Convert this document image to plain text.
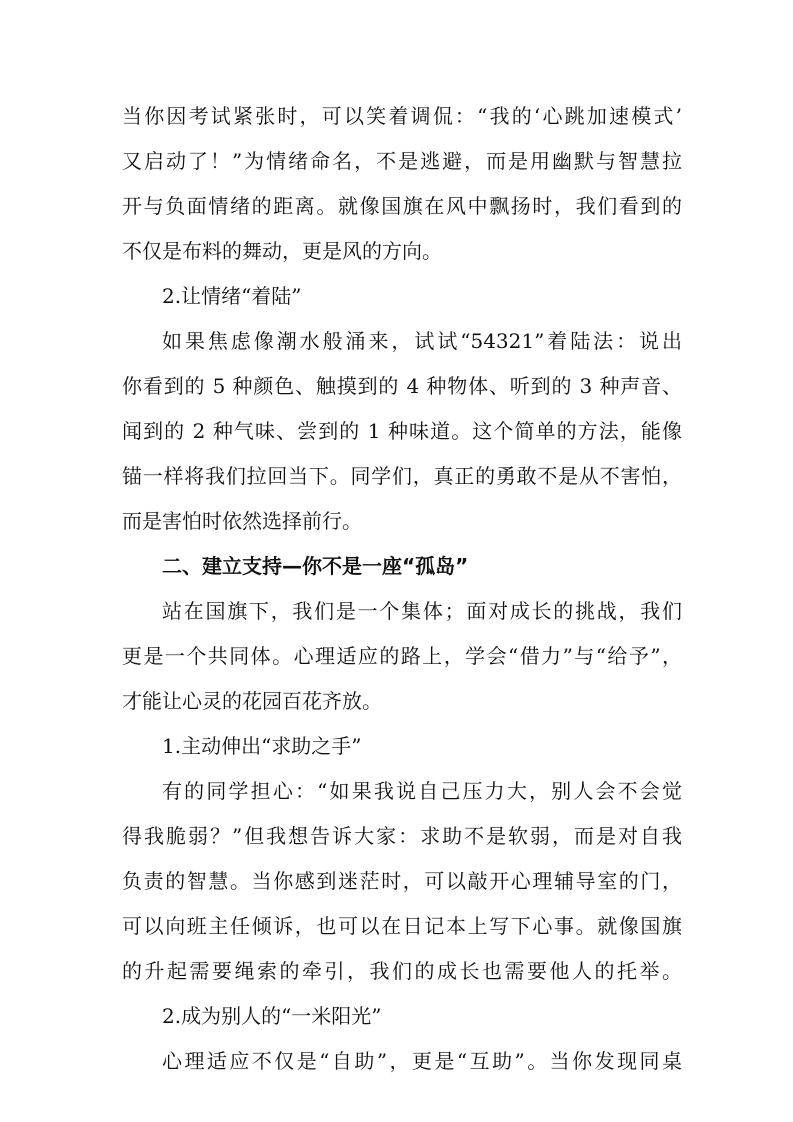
当你因考试紧张时，可以笑着调侃：“我的‘心跳加速模式’
又启动了！”为情绪命名，不是逃避，而是用幽默与智慧拉
开与负面情绪的距离。就像国旗在风中飘扬时，我们看到的
不仅是布料的舞动，更是风的方向。
2.让情绪“着陆”
如果焦虑像潮水般涌来，试试“54321”着陆法：说出
你看到的 5 种颜色、触摸到的 4 种物体、听到的 3 种声音、
闻到的 2 种气味、尝到的 1 种味道。这个简单的方法，能像
锚一样将我们拉回当下。同学们，真正的勇敢不是从不害怕，
而是害怕时依然选择前行。
二、建立支持—你不是一座“孤岛”
站在国旗下，我们是一个集体；面对成长的挑战，我们
更是一个共同体。心理适应的路上，学会“借力”与“给予”，
才能让心灵的花园百花齐放。
1.主动伸出“求助之手”
有的同学担心：“如果我说自己压力大，别人会不会觉
得我脆弱？”但我想告诉大家：求助不是软弱，而是对自我
负责的智慧。当你感到迷茫时，可以敲开心理辅导室的门，
可以向班主任倾诉，也可以在日记本上写下心事。就像国旗
的升起需要绳索的牵引，我们的成长也需要他人的托举。
2.成为别人的“一米阳光”
心理适应不仅是“自助”，更是“互助”。当你发现同桌
